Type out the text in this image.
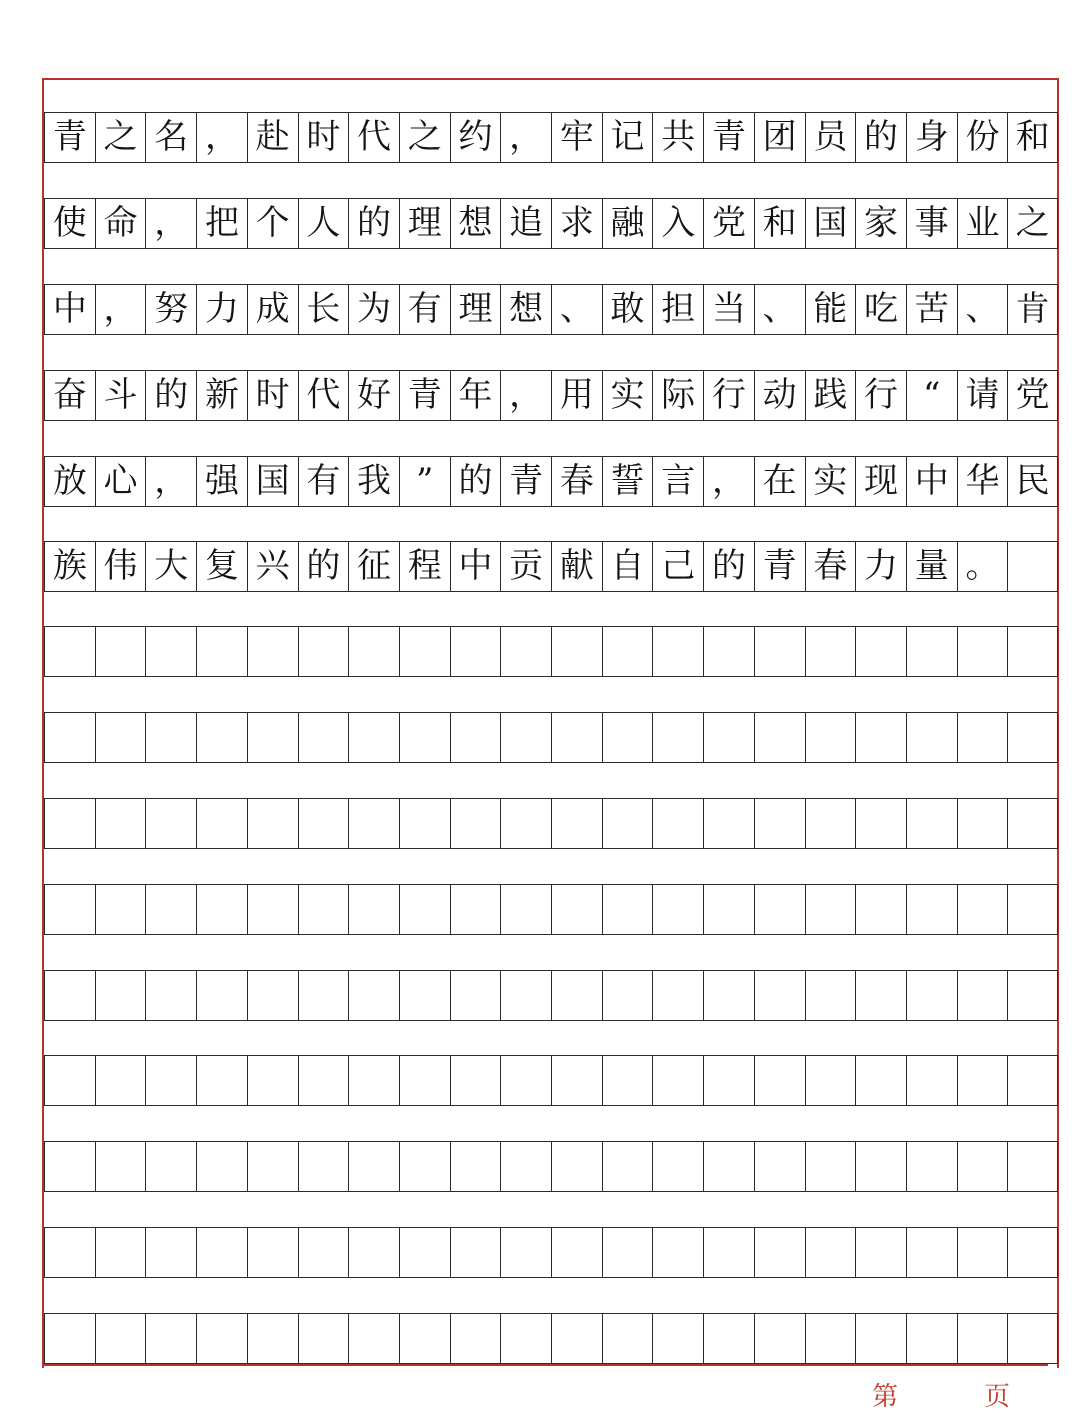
青 之 名 ， 赴 时 代 之 约 ， 牢 记 共 青 团 员 的 身 份 和
使 命 ， 把 个 人 的 理 想 追 求 融 入 党 和 国 家 事 业 之
中 ， 努 力 成 长 为 有 理 想 、 敢 担 当 、 能 吃 苦 、 肯
奋 斗 的 新 时 代 好 青 年 ， 用 实 际 行 动 践 行 “ 请 党
放 心 ， 强 国 有 我 ” 的 青 春 誓 言 ， 在 实 现 中 华 民
族 伟 大 复 兴 的 征 程 中 贡 献 自 己 的 青 春 力 量 。
第	页
